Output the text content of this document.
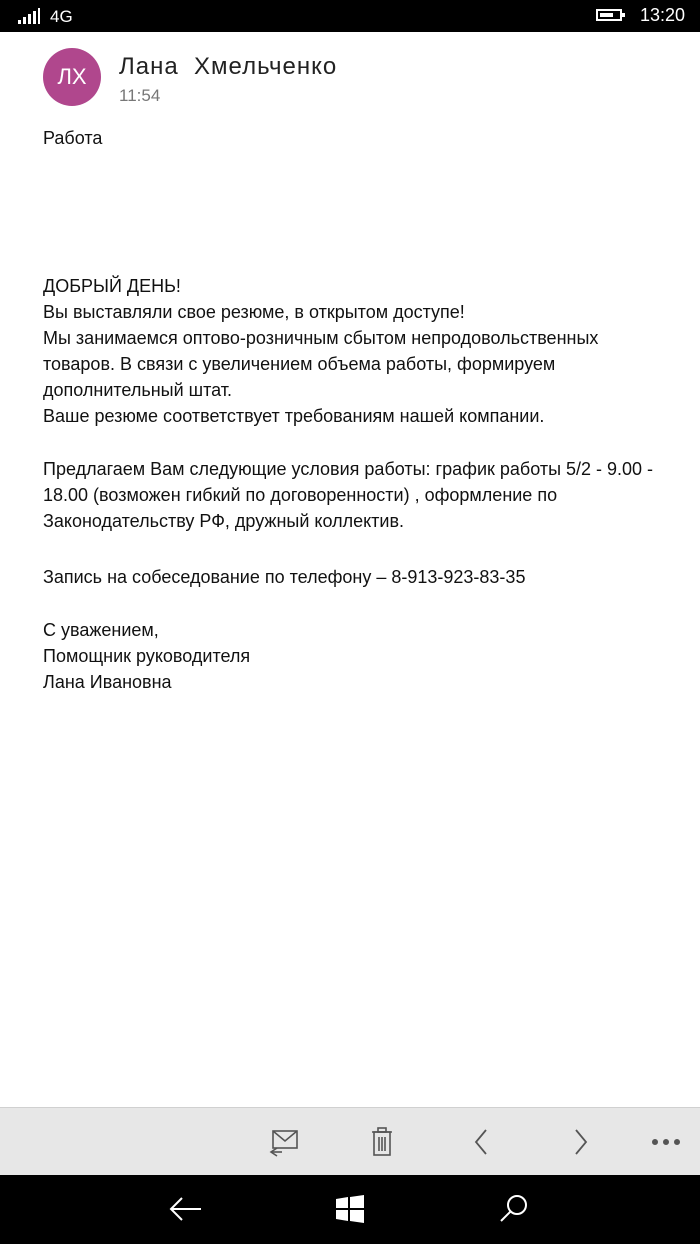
4G	13:20
ЛХ	Лана  Хмельченко
11:54
Работа

ДОБРЫЙ ДЕНЬ!

Вы выставляли свое резюме, в открытом доступе!

Мы занимаемся оптово-розничным сбытом непродовольственных товаров. В связи с увеличением объема работы, формируем дополнительный штат.

Ваше резюме соответствует требованиям нашей компании.

Предлагаем Вам следующие условия работы: график работы 5/2 - 9.00 - 18.00 (возможен гибкий по договоренности) , оформление по Законодательству РФ, дружный коллектив.

Запись на собеседование по телефону – 8-913-923-83-35

С уважением,

Помощник руководителя

Лана Ивановна
